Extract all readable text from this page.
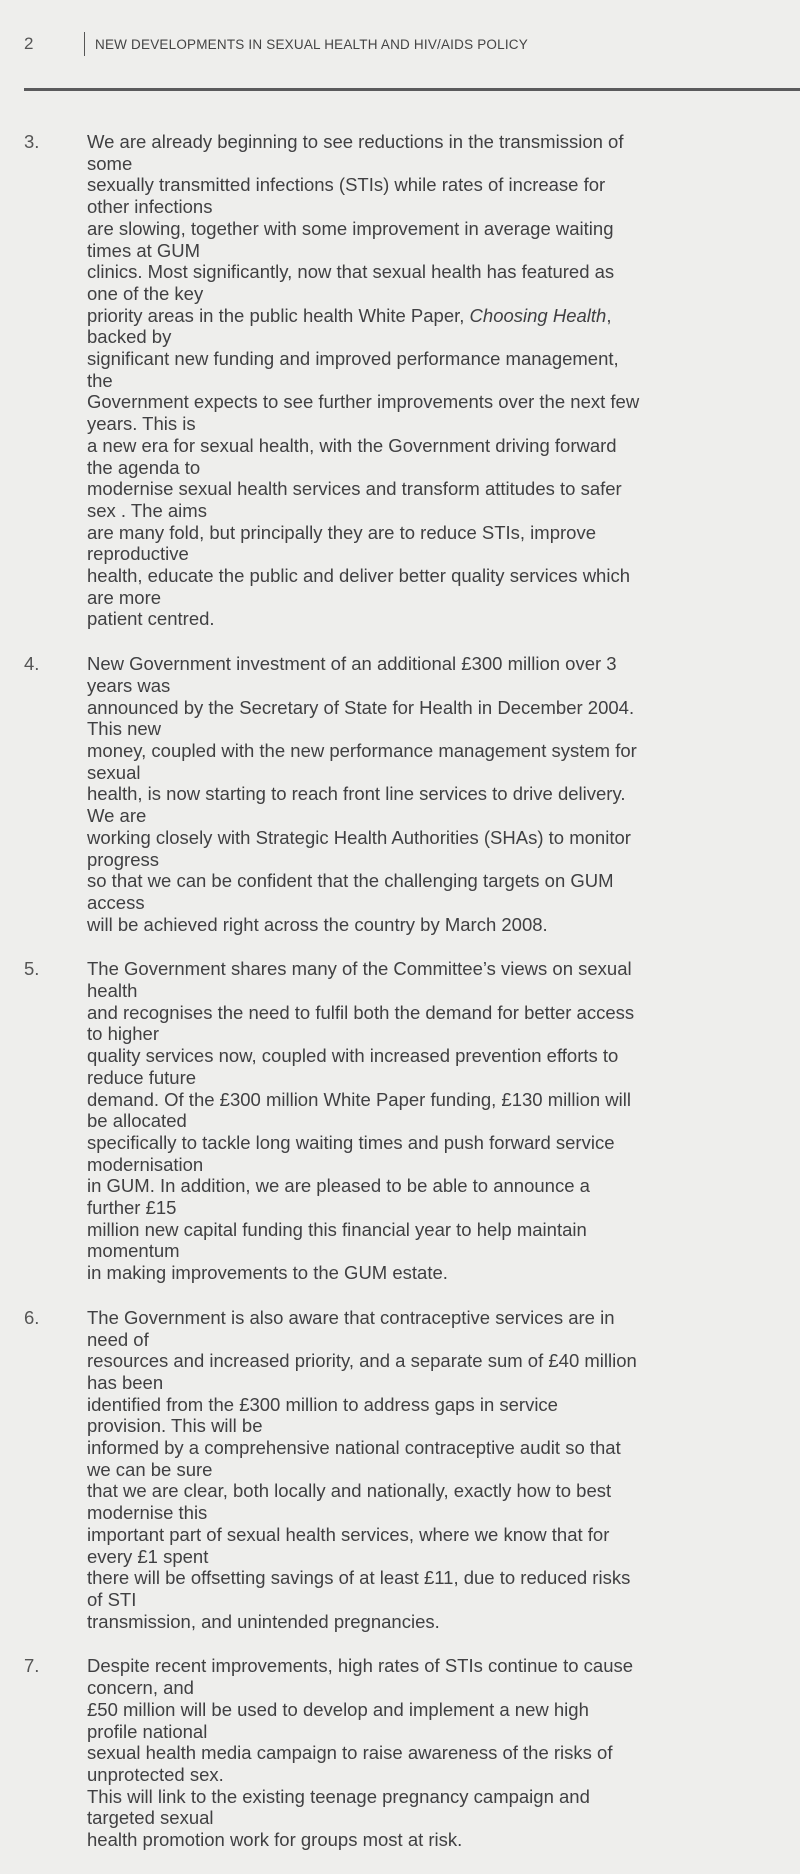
2	NEW DEVELOPMENTS IN SEXUAL HEALTH AND HIV/AIDS POLICY
3.	We are already beginning to see reductions in the transmission of some
sexually transmitted infections (STIs) while rates of increase for other infections
are slowing, together with some improvement in average waiting times at GUM
clinics. Most significantly, now that sexual health has featured as one of the key
priority areas in the public health White Paper, Choosing Health, backed by
significant new funding and improved performance management, the
Government expects to see further improvements over the next few years. This is
a new era for sexual health, with the Government driving forward the agenda to
modernise sexual health services and transform attitudes to safer sex . The aims
are many fold, but principally they are to reduce STIs, improve reproductive
health, educate the public and deliver better quality services which are more
patient centred.
4.	New Government investment of an additional £300 million over 3 years was
announced by the Secretary of State for Health in December 2004. This new
money, coupled with the new performance management system for sexual
health, is now starting to reach front line services to drive delivery. We are
working closely with Strategic Health Authorities (SHAs) to monitor progress
so that we can be confident that the challenging targets on GUM access
will be achieved right across the country by March 2008.
5.	The Government shares many of the Committee’s views on sexual health
and recognises the need to fulfil both the demand for better access to higher
quality services now, coupled with increased prevention efforts to reduce future
demand. Of the £300 million White Paper funding, £130 million will be allocated
specifically to tackle long waiting times and push forward service modernisation
in GUM. In addition, we are pleased to be able to announce a further £15
million new capital funding this financial year to help maintain momentum
in making improvements to the GUM estate.
6.	The Government is also aware that contraceptive services are in need of
resources and increased priority, and a separate sum of £40 million has been
identified from the £300 million to address gaps in service provision. This will be
informed by a comprehensive national contraceptive audit so that we can be sure
that we are clear, both locally and nationally, exactly how to best modernise this
important part of sexual health services, where we know that for every £1 spent
there will be offsetting savings of at least £11, due to reduced risks of STI
transmission, and unintended pregnancies.
7.	Despite recent improvements, high rates of STIs continue to cause concern, and
£50 million will be used to develop and implement a new high profile national
sexual health media campaign to raise awareness of the risks of unprotected sex.
This will link to the existing teenage pregnancy campaign and targeted sexual
health promotion work for groups most at risk.
